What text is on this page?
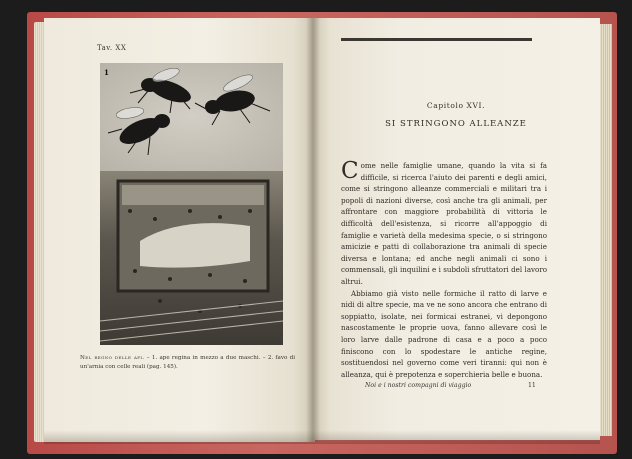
Tav. XX
1
Nel regno delle api. – 1. ape regina in mezzo a due maschi. – 2. favo di un'arnia con celle reali (pag. 145).
Capitolo XVI.
SI STRINGONO ALLEANZE

Come nelle famiglie umane, quando la vita si fa difficile, si ricerca l'aiuto dei parenti e degli amici, come si stringono alleanze commerciali e militari tra i popoli di nazioni diverse, così anche tra gli animali, per affrontare con maggiore probabilità di vittoria le difficoltà dell'esistenza, si ricorre all'appoggio di famiglie e varietà della medesima specie, o si stringono amicizie e patti di collaborazione tra animali di specie diversa e lontana; ed anche negli animali ci sono i commensali, gli inquilini e i subdoli sfruttatori del lavoro altrui.

Abbiamo già visto nelle formiche il ratto di larve e nidi di altre specie, ma ve ne sono ancora che entrano di soppiatto, isolate, nei formicai estranei, vi depongono nascostamente le proprie uova, fanno allevare così le loro larve dalle padrone di casa e a poco a poco finiscono con lo spodestare le antiche regine, sostituendosi nel governo come veri tiranni: qui non è alleanza, qui è prepotenza e soperchieria belle e buona.

Noi e i nostri compagni di viaggio	11
